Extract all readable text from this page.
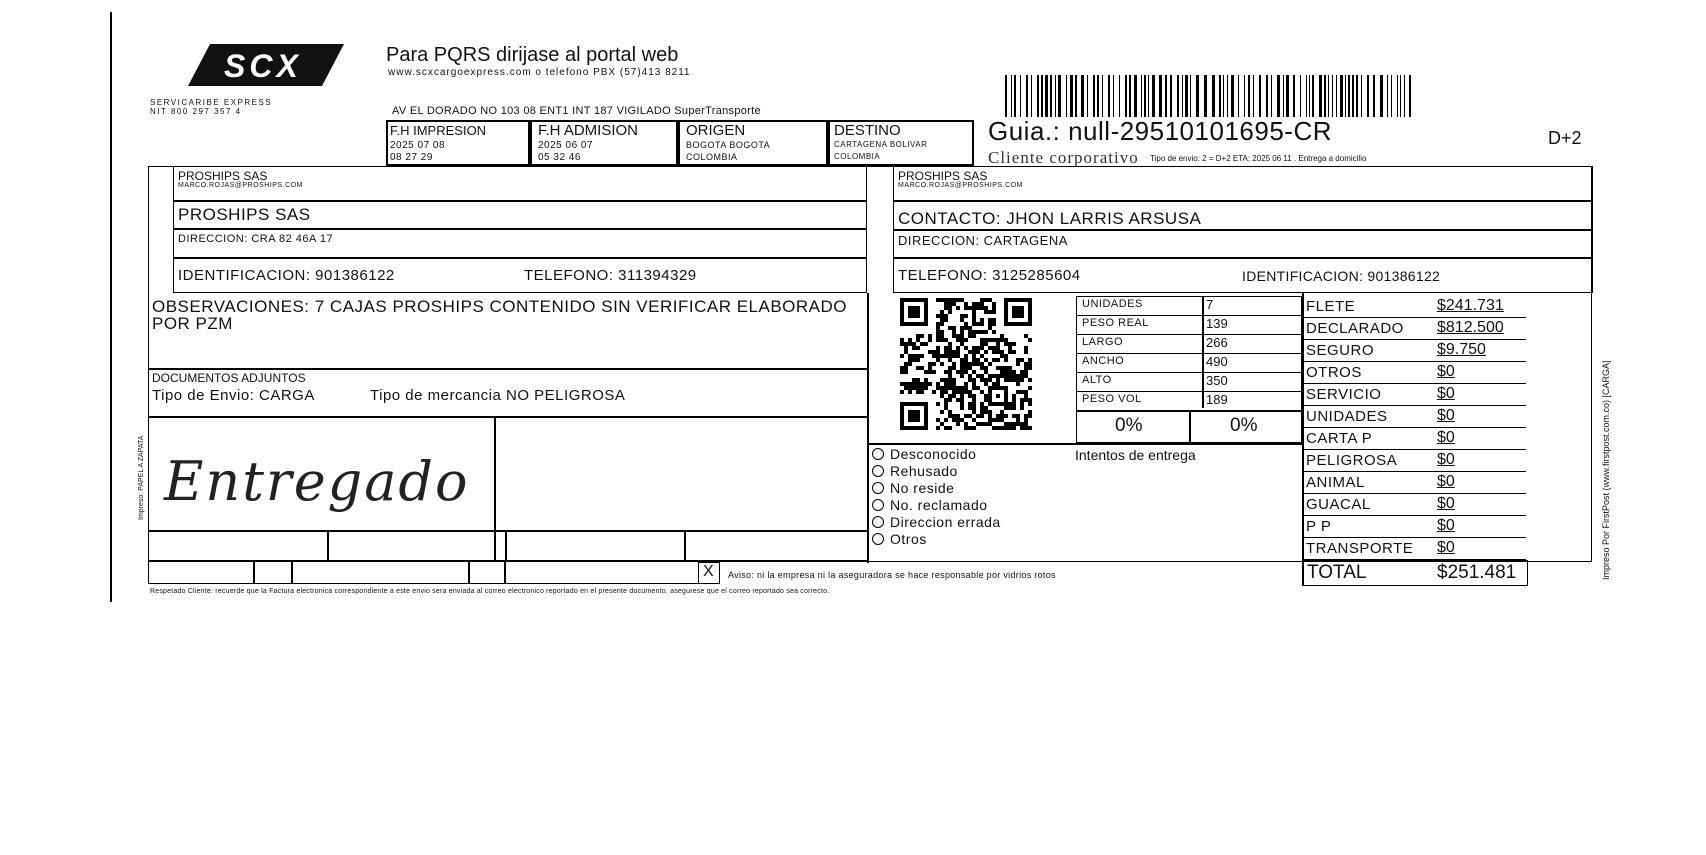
SCX
SERVICARIBE EXPRESS
NIT 800 297 357 4
Para PQRS dirijase al portal web
www.scxcargoexpress.com o telefono PBX (57)413 8211
AV EL DORADO NO 103 08 ENT1 INT 187 VIGILADO SuperTransporte
F.H IMPRESION
2025 07 08
08 27 29
F.H ADMISION
2025 06 07
05 32 46
ORIGEN
BOGOTA BOGOTA
COLOMBIA
DESTINO
CARTAGENA BOLIVAR
COLOMBIA
Guia.: null-29510101695-CR	D+2
Cliente corporativo Tipo de envio: 2 = D+2 ETA: 2025 06 11 . Entrega a domicilio
PROSHIPS SAS
MARCO.ROJAS@PROSHIPS.COM
PROSHIPS SAS
DIRECCION: CRA 82 46A 17
IDENTIFICACION: 901386122	TELEFONO: 311394329
PROSHIPS SAS
MARCO.ROJAS@PROSHIPS.COM
CONTACTO: JHON LARRIS ARSUSA
DIRECCION: CARTAGENA
TELEFONO: 3125285604	IDENTIFICACION: 901386122
OBSERVACIONES: 7 CAJAS PROSHIPS CONTENIDO SIN VERIFICAR ELABORADO POR PZM
DOCUMENTOS ADJUNTOS
Tipo de Envio: CARGA	Tipo de mercancia NO PELIGROSA
Entregado
X Aviso: ni la empresa ni la aseguradora se hace responsable por vidrios rotos
Respetado Cliente: recuerde que la Factura electronica correspondiente a este envio sera enviada al correo electronico reportado en el presente documento, asegurese que el correo reportado sea correcto.
UNIDADES	7
PESO REAL	139
LARGO	266
ANCHO	490
ALTO	350
PESO VOL	189
0%	0%
Desconocido
Rehusado
No reside
No. reclamado
Direccion errada
Otros
Intentos de entrega
FLETE	$241.731
DECLARADO $812.500
SEGURO	$9.750
OTROS	$0
SERVICIO	$0
UNIDADES	$0
CARTA P	$0
PELIGROSA $0
ANIMAL	$0
GUACAL	$0
P P	$0
TRANSPORTE $0
TOTAL	$251.481	Impreso Por FirstPost (www.firstpost.com.co) [CARGA]
Impreso: PAPEL A ZAPATA
